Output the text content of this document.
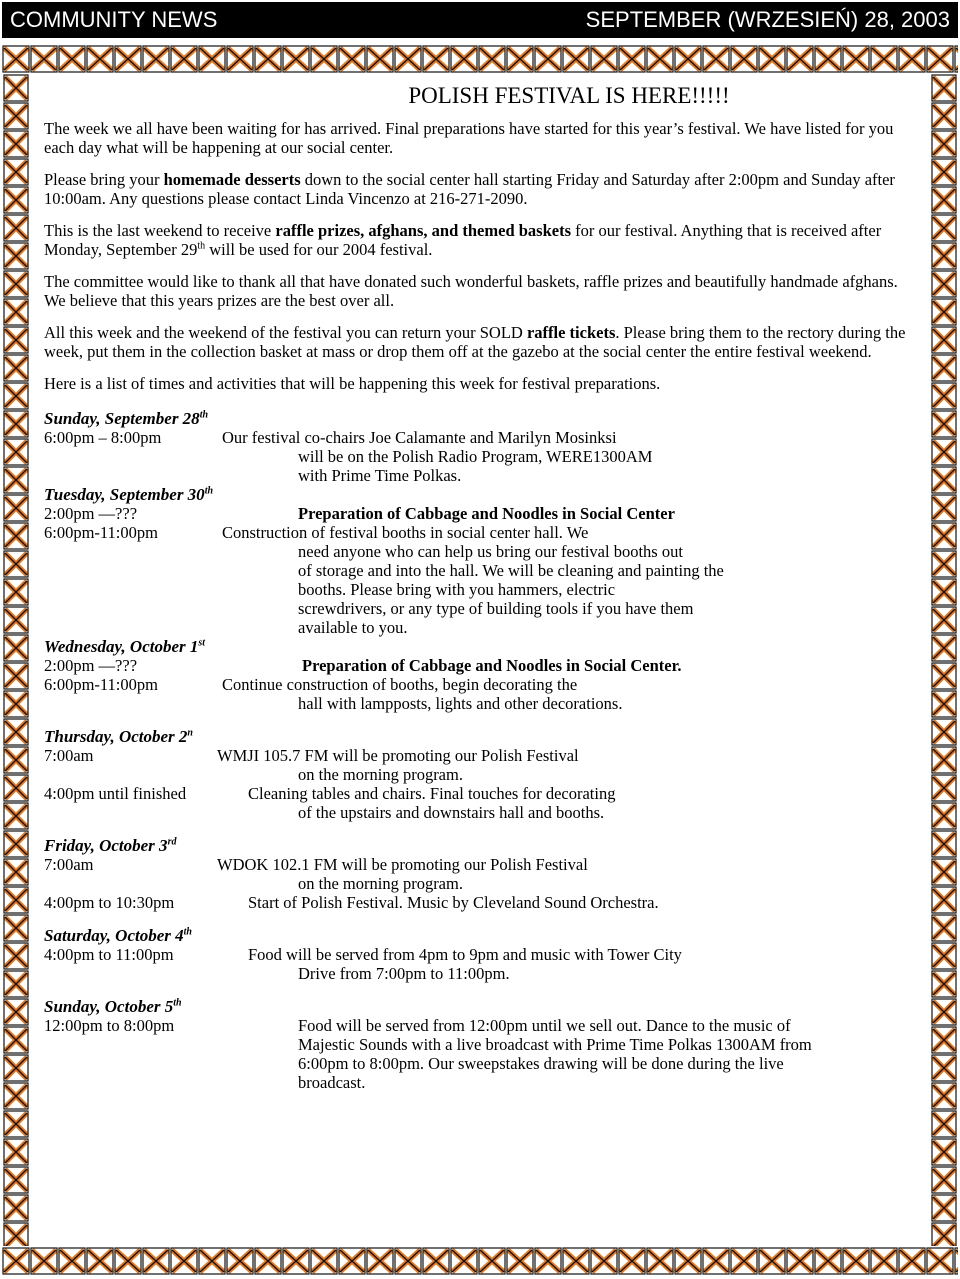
COMMUNITY NEWS	SEPTEMBER (WRZESIEŃ) 28, 2003
POLISH FESTIVAL IS HERE!!!!!

The week we all have been waiting for has arrived. Final preparations have started for this year’s festival. We have listed for you each day what will be happening at our social center.

Please bring your homemade desserts down to the social center hall starting Friday and Saturday after 2:00pm and Sunday after 10:00am. Any questions please contact Linda Vincenzo at 216-271-2090.

This is the last weekend to receive raffle prizes, afghans, and themed baskets for our festival. Anything that is received after Monday, September 29th will be used for our 2004 festival.

The committee would like to thank all that have donated such wonderful baskets, raffle prizes and beautifully handmade afghans. We believe that this years prizes are the best over all.

All this week and the weekend of the festival you can return your SOLD raffle tickets. Please bring them to the rectory during the week, put them in the collection basket at mass or drop them off at the gazebo at the social center the entire festival weekend.

Here is a list of times and activities that will be happening this week for festival preparations.

Sunday, September 28th

6:00pm – 8:00pm	Our festival co-chairs Joe Calamante and Marilyn Mosinksi
will be on the Polish Radio Program, WERE1300AM
with Prime Time Polkas.

Tuesday, September 30th

2:00pm —???	Preparation of Cabbage and Noodles in Social Center
6:00pm-11:00pm	Construction of festival booths in social center hall. We
need anyone who can help us bring our festival booths out
of storage and into the hall. We will be cleaning and painting the
booths. Please bring with you hammers, electric
screwdrivers, or any type of building tools if you have them
available to you.

Wednesday, October 1st

2:00pm —???	Preparation of Cabbage and Noodles in Social Center.
6:00pm-11:00pm	Continue construction of booths, begin decorating the
hall with lampposts, lights and other decorations.

Thursday, October 2$^n$

7:00am	WMJI 105.7 FM will be promoting our Polish Festival
on the morning program.
4:00pm until finished	Cleaning tables and chairs. Final touches for decorating
of the upstairs and downstairs hall and booths.

Friday, October 3rd

7:00am	WDOK 102.1 FM will be promoting our Polish Festival
on the morning program.
4:00pm to 10:30pm	Start of Polish Festival. Music by Cleveland Sound Orchestra.

Saturday, October 4th

4:00pm to 11:00pm	Food will be served from 4pm to 9pm and music with Tower City
Drive from 7:00pm to 11:00pm.

Sunday, October 5th

12:00pm to 8:00pm	Food will be served from 12:00pm until we sell out. Dance to the music of
Majestic Sounds with a live broadcast with Prime Time Polkas 1300AM from
6:00pm to 8:00pm. Our sweepstakes drawing will be done during the live
broadcast.
